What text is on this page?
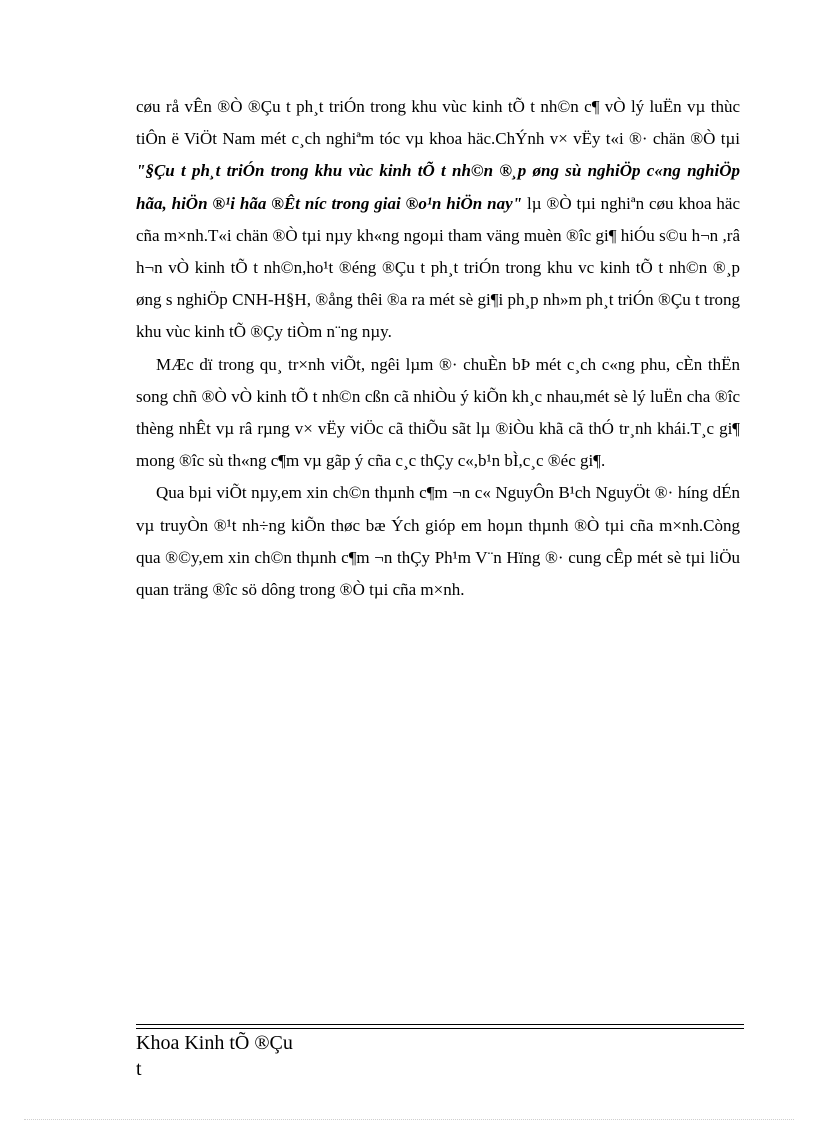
cøu rå vÊn ®Ò ®Çu t ph¸t triÓn trong khu vùc kinh tÕ t nh©n c¶ vÒ lý luËn vµ thùc tiÔn ë ViÖt Nam mét c¸ch nghiªm tóc vµ khoa häc.ChÝnh v× vËy t«i ®· chän ®Ò tµi "§Çu t ph¸t triÓn trong khu vùc kinh tÕ t nh©n ®¸p øng sù nghiÖp c«ng nghiÖp hãa, hiÖn ®¹i hãa ®Êt níc trong giai ®o¹n hiÖn nay" lµ ®Ò tµi nghiªn cøu khoa häc cña m×nh.T«i chän ®Ò tµi nµy kh«ng ngoµi tham väng muèn ®îc gi¶ hiÓu s©u h¬n ,râ h¬n vÒ kinh tÕ t nh©n,ho¹t ®éng ®Çu t ph¸t triÓn trong khu vc kinh tÕ t nh©n ®¸p øng s nghiÖp CNH-H§H, ®ång thêi ®a ra mét sè gi¶i ph¸p nh»m ph¸t triÓn ®Çu t trong khu vùc kinh tÕ ®Çy tiÒm n¨ng nµy.

MÆc dï trong qu¸ tr×nh viÕt, ngêi lµm ®· chuÈn bÞ mét c¸ch c«ng phu, cÈn thËn song chñ ®Ò vÒ kinh tÕ t nh©n cßn cã nhiÒu ý kiÕn kh¸c nhau,mét sè lý luËn cha ®îc thèng nhÊt vµ râ rµng v× vËy viÖc cã thiÕu sãt lµ ®iÒu khã cã thÓ tr¸nh khái.T¸c gi¶ mong ®îc sù th«ng c¶m vµ gãp ý cña c¸c thÇy c«,b¹n bÌ,c¸c ®éc gi¶.

Qua bµi viÕt nµy,em xin ch©n thµnh c¶m ¬n c« NguyÔn B¹ch NguyÖt ®· híng dÉn vµ truyÒn ®¹t nh÷ng kiÕn thøc bæ Ých gióp em hoµn thµnh ®Ò tµi cña m×nh.Còng qua ®©y,em xin ch©n thµnh c¶m ¬n thÇy Ph¹m V¨n Hïng ®· cung cÊp mét sè tµi liÖu quan träng ®îc sö dông trong ®Ò tµi cña m×nh.

Khoa Kinh tÕ ®Çu t
